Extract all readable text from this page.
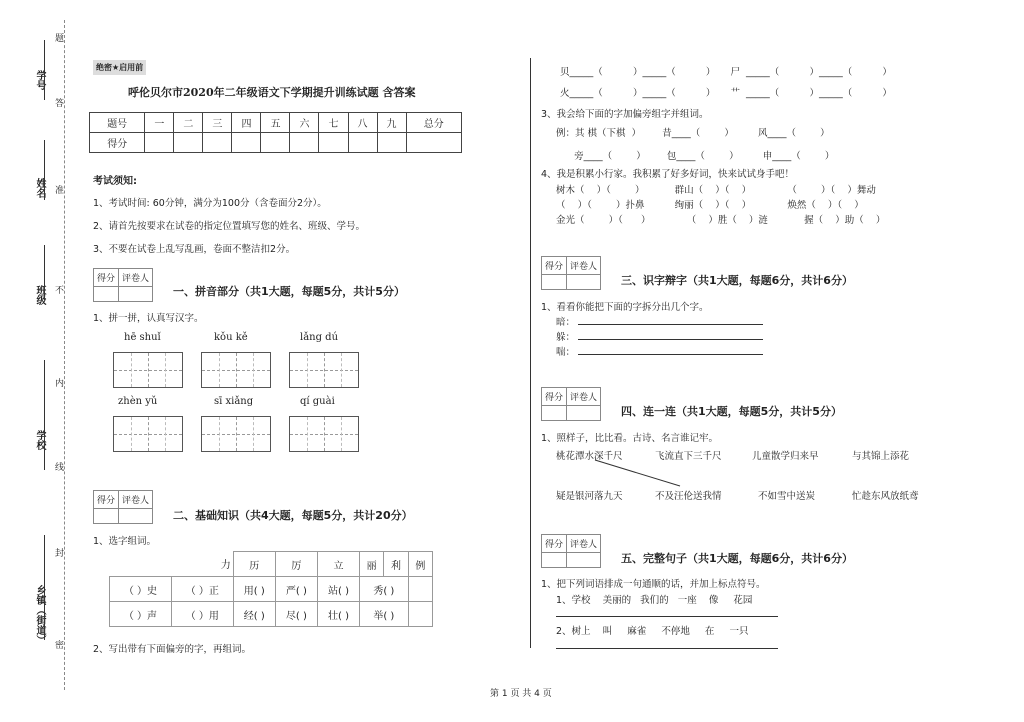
学号
姓名
班级
学校
乡镇（街道） 密
封
线
内
不
准
答
题
绝密★启用前
呼伦贝尔市2020年二年级语文下学期提升训练试题 含答案
题号	一	二	三	四	五	六	七	八	九	总分
得分										
考试须知:
1、考试时间: 60分钟，满分为100分（含卷面分2分）。
2、请首先按要求在试卷的指定位置填写您的姓名、班级、学号。
3、不要在试卷上乱写乱画，卷面不整洁扣2分。
得分	评卷人

一、拼音部分（共1大题，每题5分，共计5分）
1、拼一拼，认真写汉字。
hē shuǐ	kǒu kě	lǎng dú
zhèn yǔ	sī xiǎng	qí guài
得分	评卷人

二、基础知识（共4大题，每题5分，共计20分）
1、选字组词。
	力	历	厉	立	丽	利	例
（ ）史	（ ）正	用( )	严( )	站( )	秀( )		
（ ）声	（ ）用	经( )	尽( )	壮( )	举( )		
2、写出带有下面偏旁的字，再组词。
贝_____（          ）_____（          ）     尸  _____（          ）_____（          ）
火_____（          ）_____（          ）     艹  _____（          ）_____（          ）
3、我会给下面的字加偏旁组字并组词。
例：其 棋（下棋  ）       昔____（        ）        风____（        ）
旁____（        ）       包____（        ）        申____（        ）
4、我是积累小行家。我积累了好多好词，快来试试身手吧！
树木（    ）（        ）          群山（    ）（    ）            （        ）（    ）舞动
（    ）（        ）扑鼻          绚丽（    ）（    ）            焕然（    ）（    ）
金光（        ）（      ）            （    ）胜（    ）涟            握（    ）助（    ）
得分	评卷人

三、识字辩字（共1大题，每题6分，共计6分）
1、看看你能把下面的字拆分出几个字。
暗：
躲：
喘：
得分	评卷人

四、连一连（共1大题，每题5分，共计5分）
1、照样子，比比看。古诗、名言谁记牢。
桃花潭水深千尺	飞流直下三千尺	儿童散学归来早	与其锦上添花
疑是银河落九天	不及汪伦送我情	不如雪中送炭	忙趁东风放纸鸢
得分	评卷人

五、完整句子（共1大题，每题6分，共计6分）
1、把下列词语排成一句通顺的话，并加上标点符号。
1、学校    美丽的   我们的   一座    像     花园
2、树上    叫     麻雀     不停地     在     一只
第 1 页 共 4 页
